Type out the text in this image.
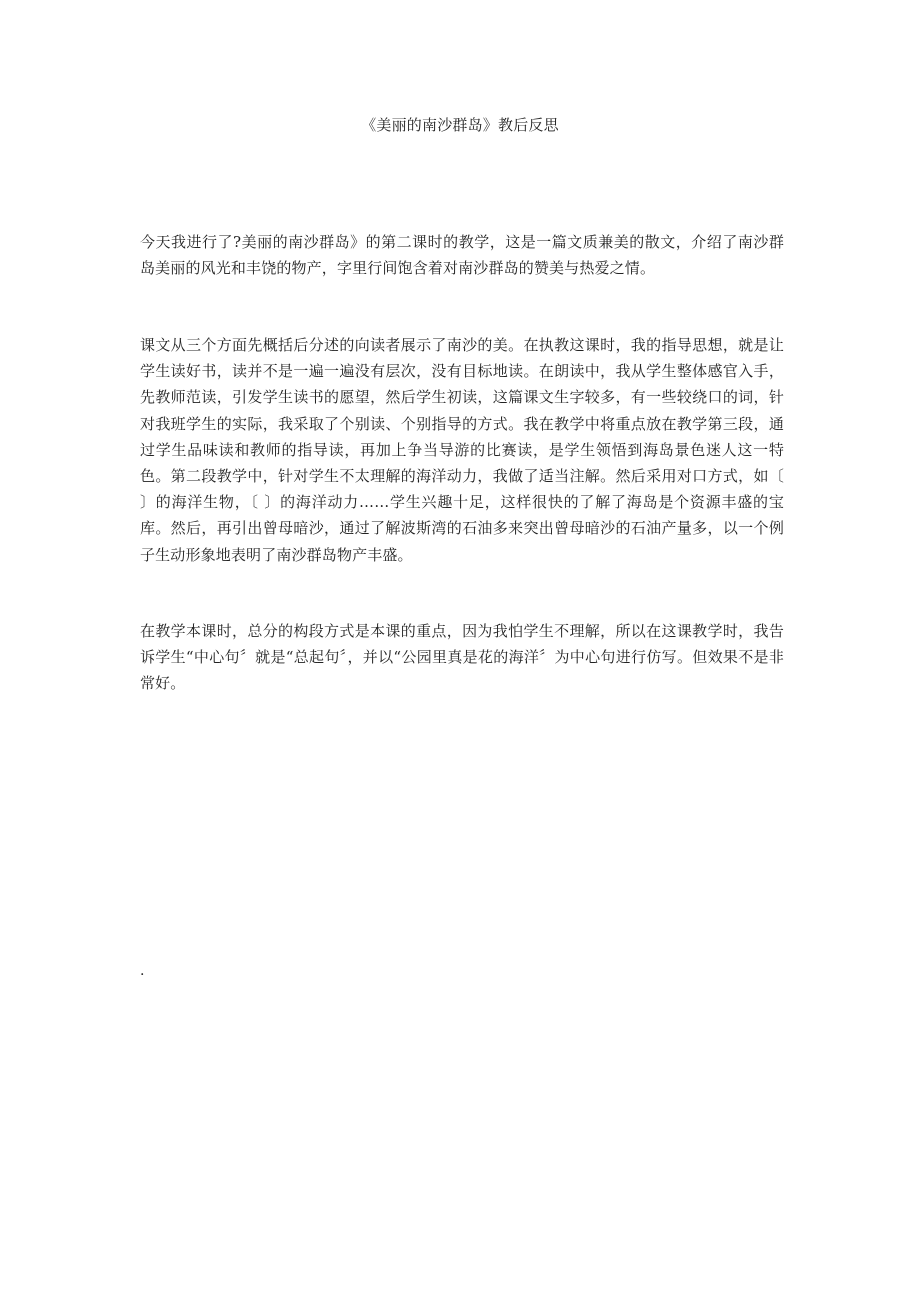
《美丽的南沙群岛》教后反思

今天我进行了?美丽的南沙群岛》的第二课时的教学，这是一篇文质兼美的散文，介绍了南沙群岛美丽的风光和丰饶的物产，字里行间饱含着对南沙群岛的赞美与热爱之情。

课文从三个方面先概括后分述的向读者展示了南沙的美。在执教这课时，我的指导思想，就是让学生读好书，读并不是一遍一遍没有层次，没有目标地读。在朗读中，我从学生整体感官入手，先教师范读，引发学生读书的愿望，然后学生初读，这篇课文生字较多，有一些较绕口的词，针对我班学生的实际，我采取了个别读、个别指导的方式。我在教学中将重点放在教学第三段，通过学生品味读和教师的指导读，再加上争当导游的比赛读，是学生领悟到海岛景色迷人这一特色。第二段教学中，针对学生不太理解的海洋动力，我做了适当注解。然后采用对口方式，如〔 〕的海洋生物，〔 〕的海洋动力……学生兴趣十足，这样很快的了解了海岛是个资源丰盛的宝库。然后，再引出曾母暗沙，通过了解波斯湾的石油多来突出曾母暗沙的石油产量多，以一个例子生动形象地表明了南沙群岛物产丰盛。

在教学本课时，总分的构段方式是本课的重点，因为我怕学生不理解，所以在这课教学时，我告诉学生“中心句〞就是“总起句〞，并以“公园里真是花的海洋〞为中心句进行仿写。但效果不是非常好。

.
